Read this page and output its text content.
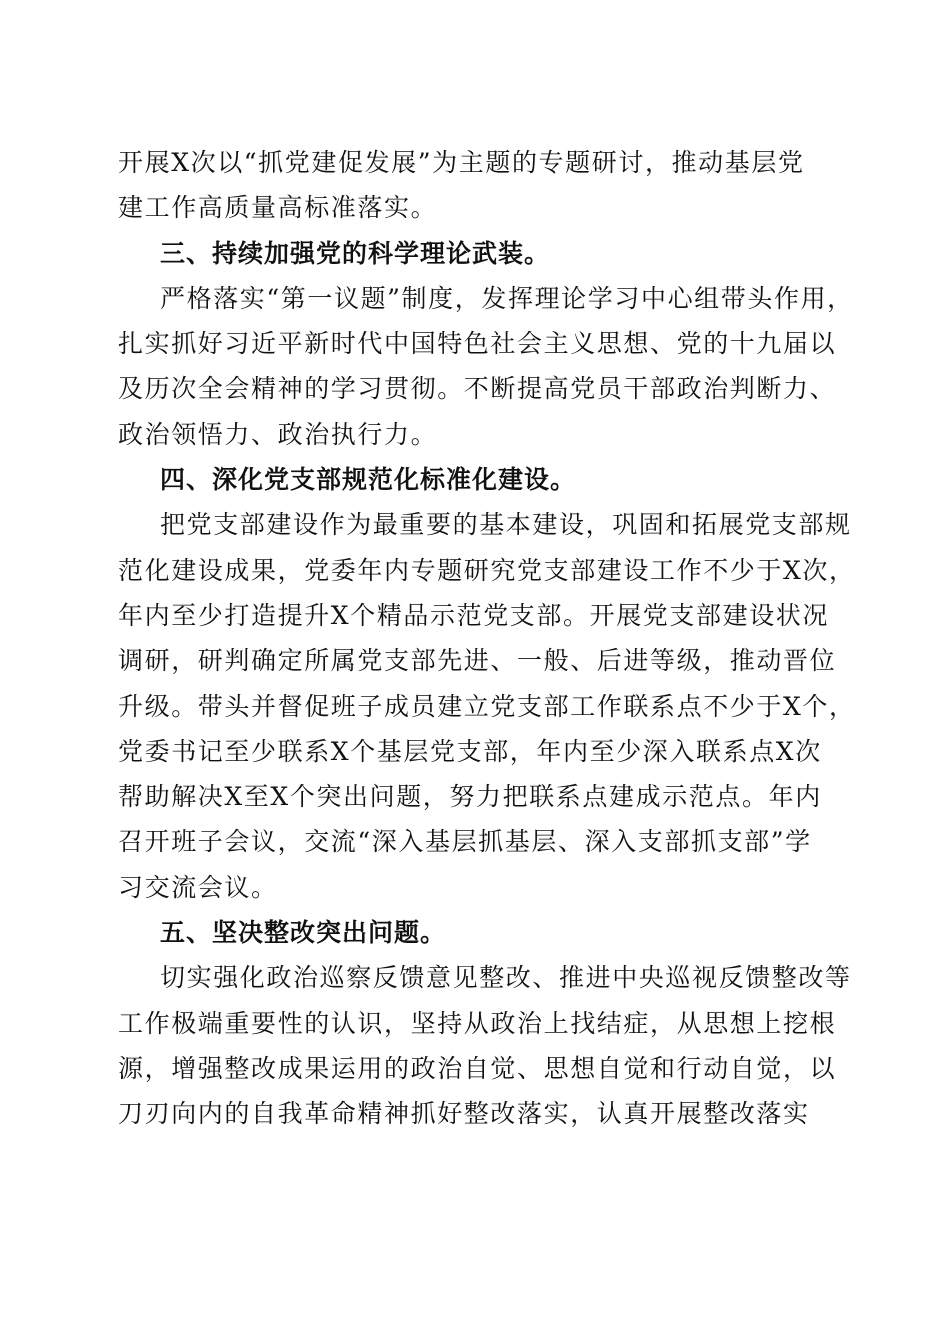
开展X次以“抓党建促发展”为主题的专题研讨，推动基层党
建工作高质量高标准落实。
三、持续加强党的科学理论武装。
严格落实“第一议题”制度，发挥理论学习中心组带头作用，
扎实抓好习近平新时代中国特色社会主义思想、党的十九届以
及历次全会精神的学习贯彻。不断提高党员干部政治判断力、
政治领悟力、政治执行力。
四、深化党支部规范化标准化建设。
把党支部建设作为最重要的基本建设，巩固和拓展党支部规
范化建设成果，党委年内专题研究党支部建设工作不少于X次，
年内至少打造提升X个精品示范党支部。开展党支部建设状况
调研，研判确定所属党支部先进、一般、后进等级，推动晋位
升级。带头并督促班子成员建立党支部工作联系点不少于X个，
党委书记至少联系X个基层党支部，年内至少深入联系点X次
帮助解决X至X个突出问题，努力把联系点建成示范点。年内
召开班子会议，交流“深入基层抓基层、深入支部抓支部”学
习交流会议。
五、坚决整改突出问题。
切实强化政治巡察反馈意见整改、推进中央巡视反馈整改等
工作极端重要性的认识，坚持从政治上找结症，从思想上挖根
源，增强整改成果运用的政治自觉、思想自觉和行动自觉，以
刀刃向内的自我革命精神抓好整改落实，认真开展整改落实
